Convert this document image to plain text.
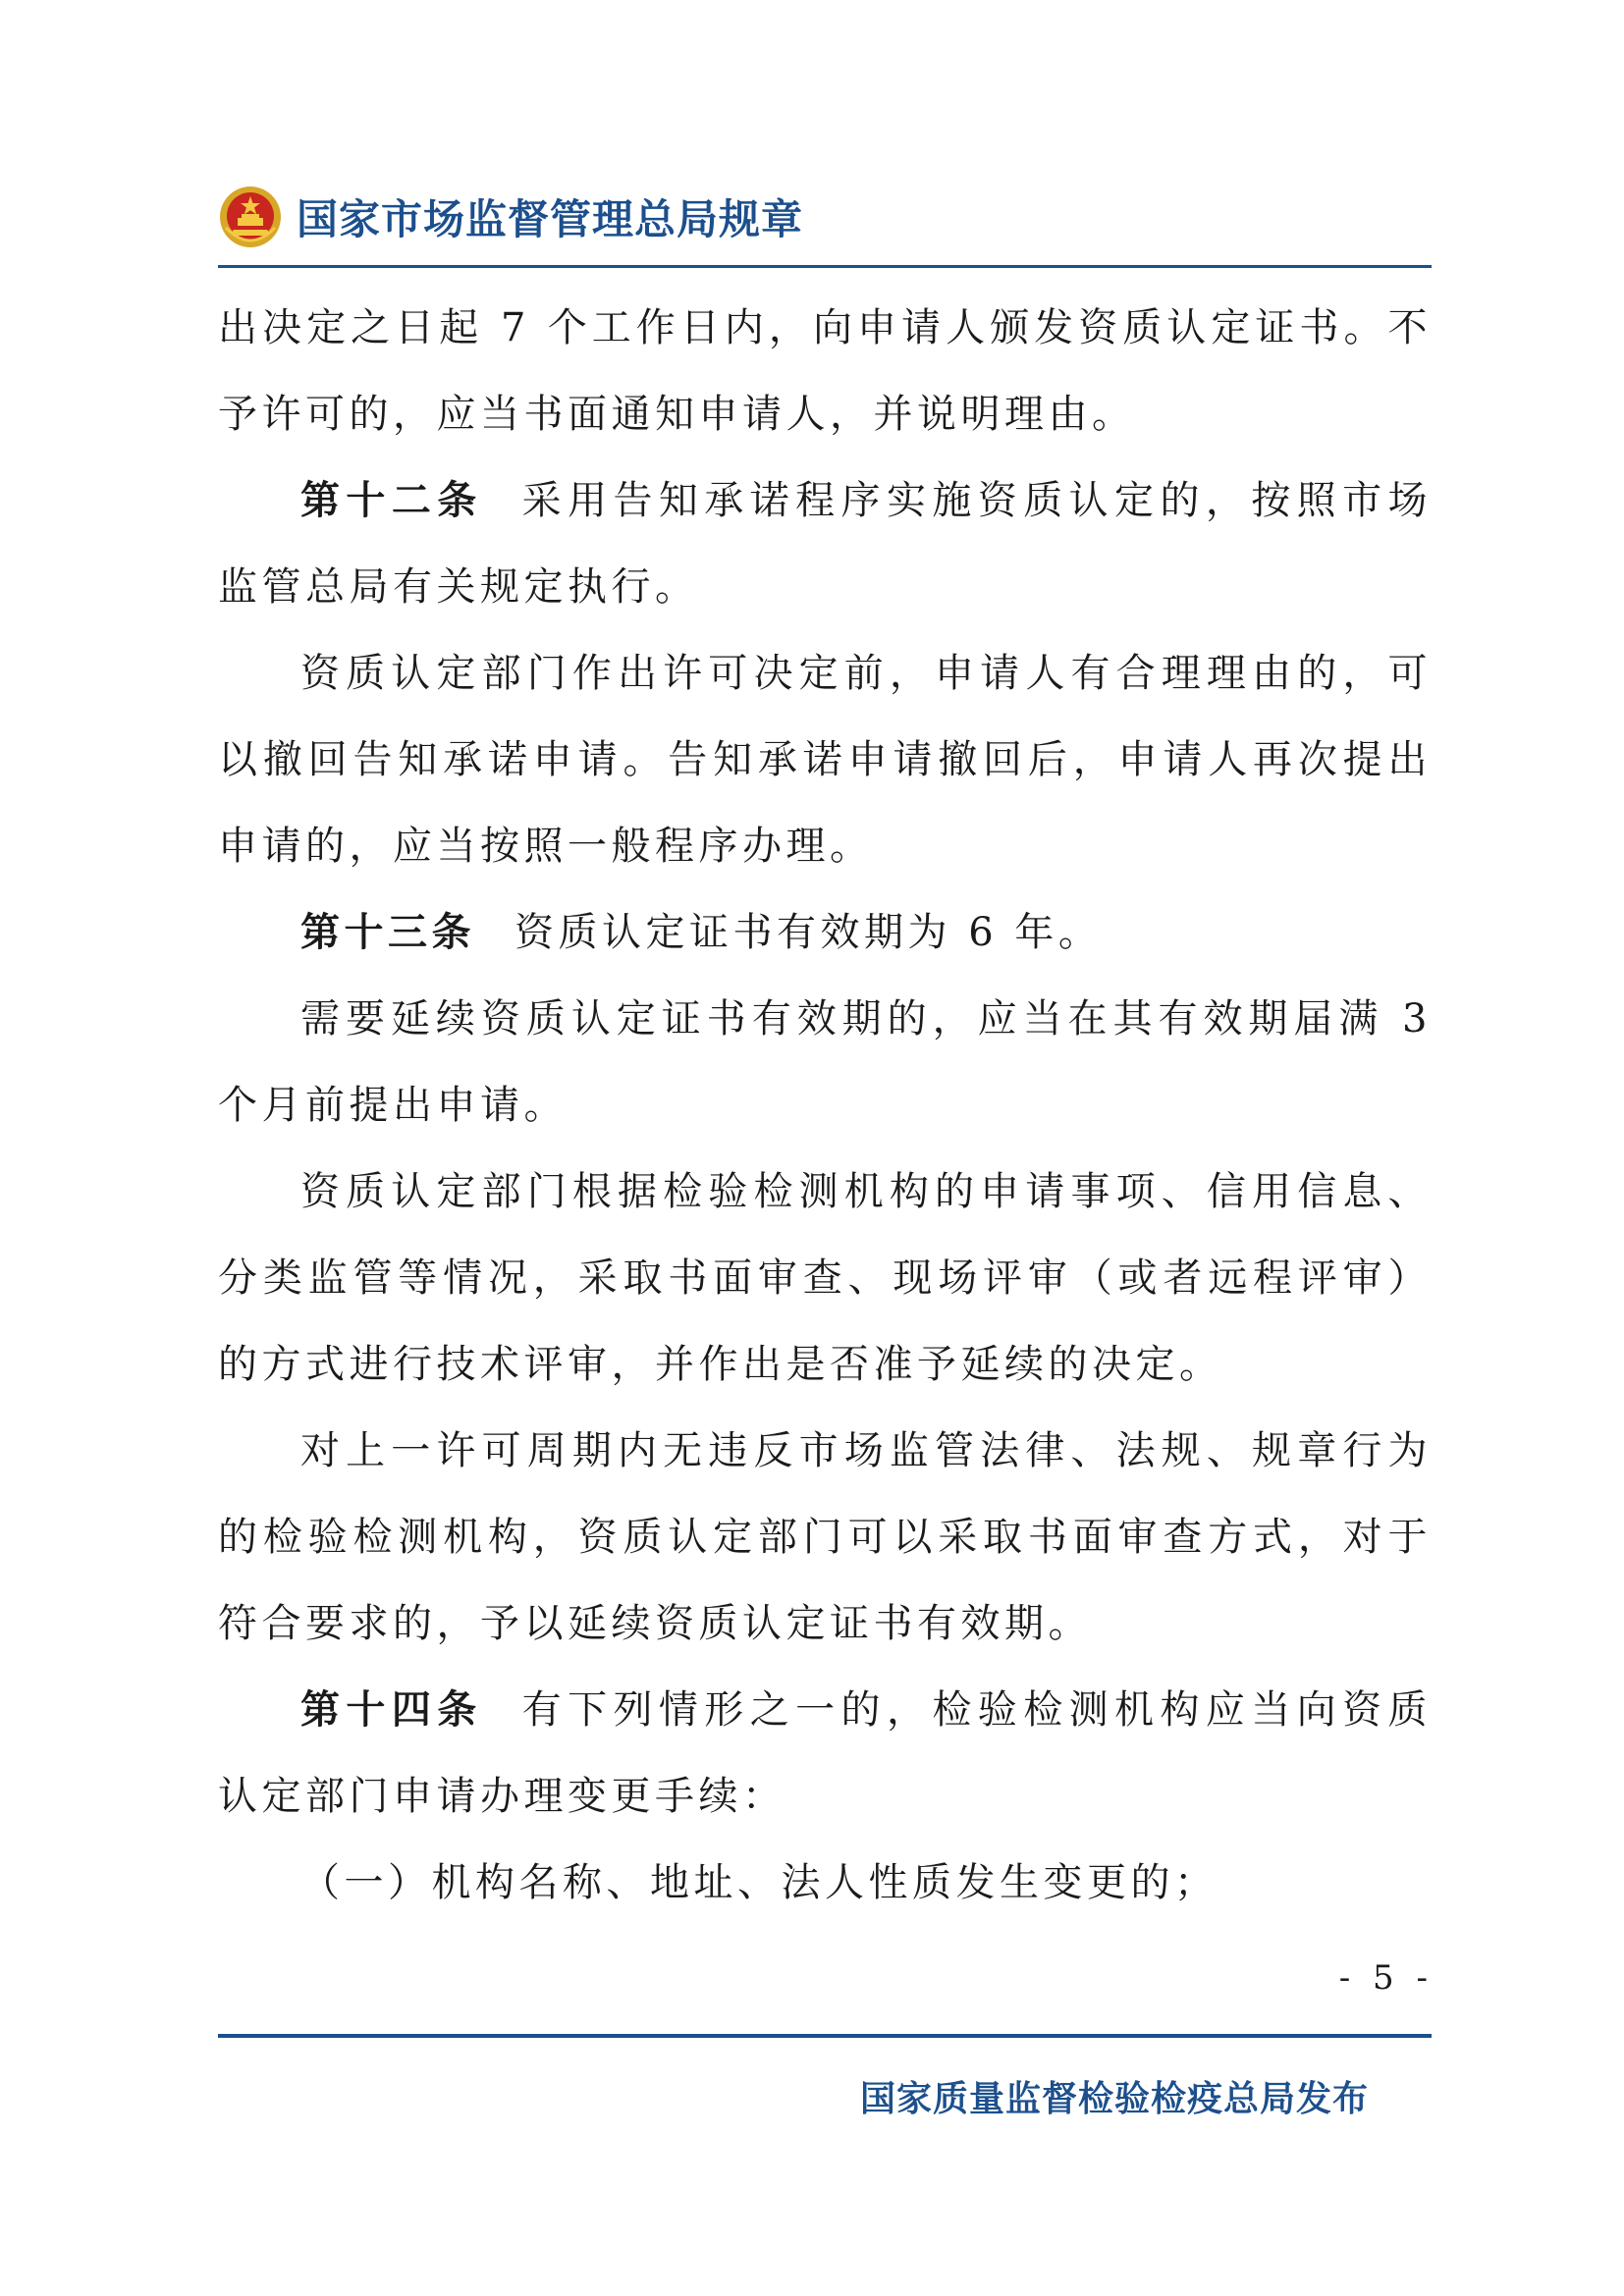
国家市场监督管理总局规章

出决定之日起 7 个工作日内，向申请人颁发资质认定证书。不予许可的，应当书面通知申请人，并说明理由。

第十二条 采用告知承诺程序实施资质认定的，按照市场监管总局有关规定执行。

资质认定部门作出许可决定前，申请人有合理理由的，可以撤回告知承诺申请。告知承诺申请撤回后，申请人再次提出申请的，应当按照一般程序办理。

第十三条 资质认定证书有效期为 6 年。

需要延续资质认定证书有效期的，应当在其有效期届满 3 个月前提出申请。

资质认定部门根据检验检测机构的申请事项、信用信息、分类监管等情况，采取书面审查、现场评审（或者远程评审）的方式进行技术评审，并作出是否准予延续的决定。

对上一许可周期内无违反市场监管法律、法规、规章行为的检验检测机构，资质认定部门可以采取书面审查方式，对于符合要求的，予以延续资质认定证书有效期。

第十四条 有下列情形之一的，检验检测机构应当向资质认定部门申请办理变更手续：

（一）机构名称、地址、法人性质发生变更的；

- 5 -
国家质量监督检验检疫总局发布
